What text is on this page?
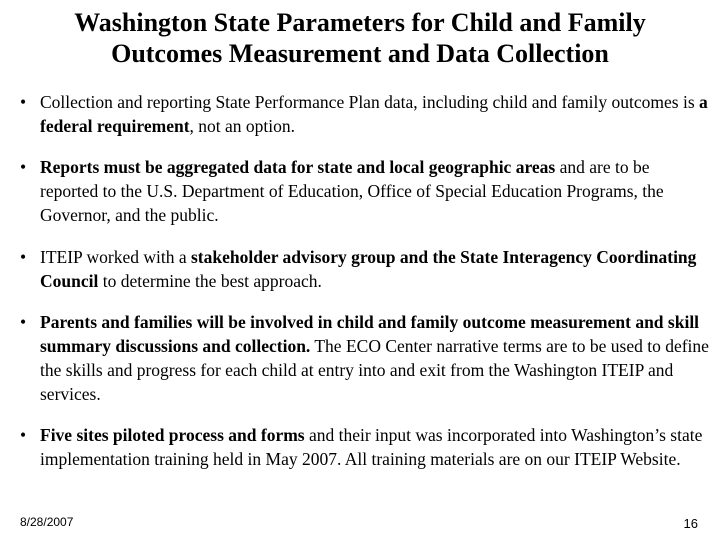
Washington State Parameters for Child and Family
Outcomes Measurement and Data Collection
• Collection and reporting State Performance Plan data, including child and family outcomes is a federal requirement, not an option.
• Reports must be aggregated data for state and local geographic areas and are to be reported to the U.S. Department of Education, Office of Special Education Programs, the Governor, and the public.
• ITEIP worked with a stakeholder advisory group and the State Interagency Coordinating Council to determine the best approach.
• Parents and families will be involved in child and family outcome measurement and skill summary discussions and collection. The ECO Center narrative terms are to be used to define the skills and progress for each child at entry into and exit from the Washington ITEIP and services.
• Five sites piloted process and forms and their input was incorporated into Washington’s state implementation training held in May 2007. All training materials are on our ITEIP Website.
8/28/2007	16
